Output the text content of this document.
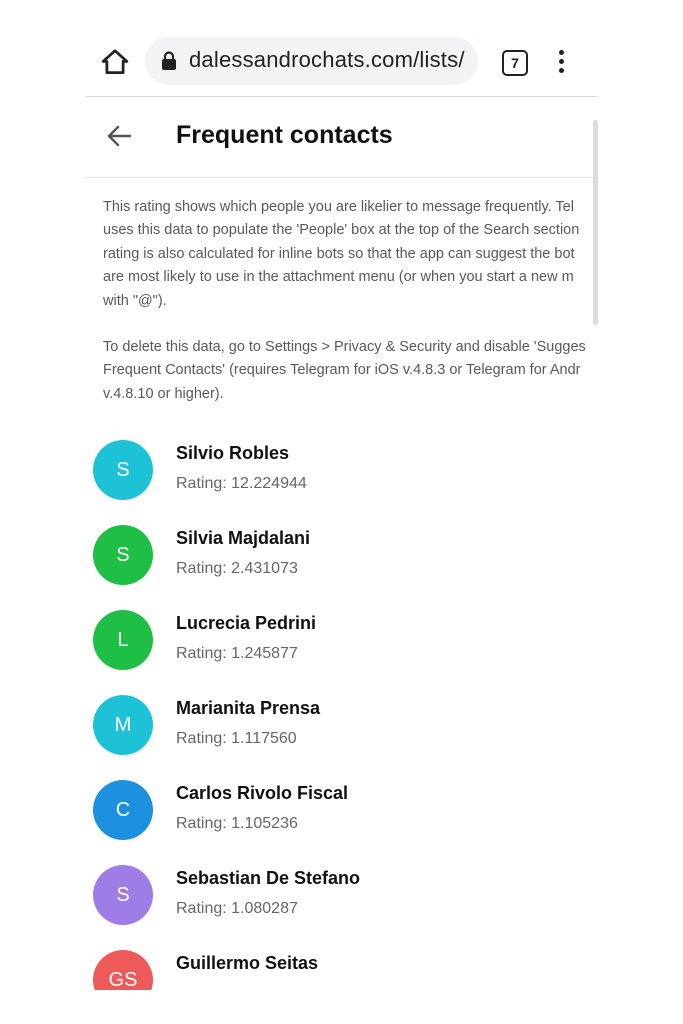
dalessandrochats.com/lists/	7
Frequent contacts
This rating shows which people you are likelier to message frequently. Tel
uses this data to populate the 'People' box at the top of the Search section
rating is also calculated for inline bots so that the app can suggest the bot
are most likely to use in the attachment menu (or when you start a new m
with "@").
To delete this data, go to Settings > Privacy & Security and disable 'Sugges
Frequent Contacts' (requires Telegram for iOS v.4.8.3 or Telegram for Andr
v.4.8.10 or higher).
S
Silvio Robles
Rating: 12.224944
S
Silvia Majdalani
Rating: 2.431073
L
Lucrecia Pedrini
Rating: 1.245877
M
Marianita Prensa
Rating: 1.117560
C
Carlos Rivolo Fiscal
Rating: 1.105236
S
Sebastian De Stefano
Rating: 1.080287
GS
Guillermo Seitas
